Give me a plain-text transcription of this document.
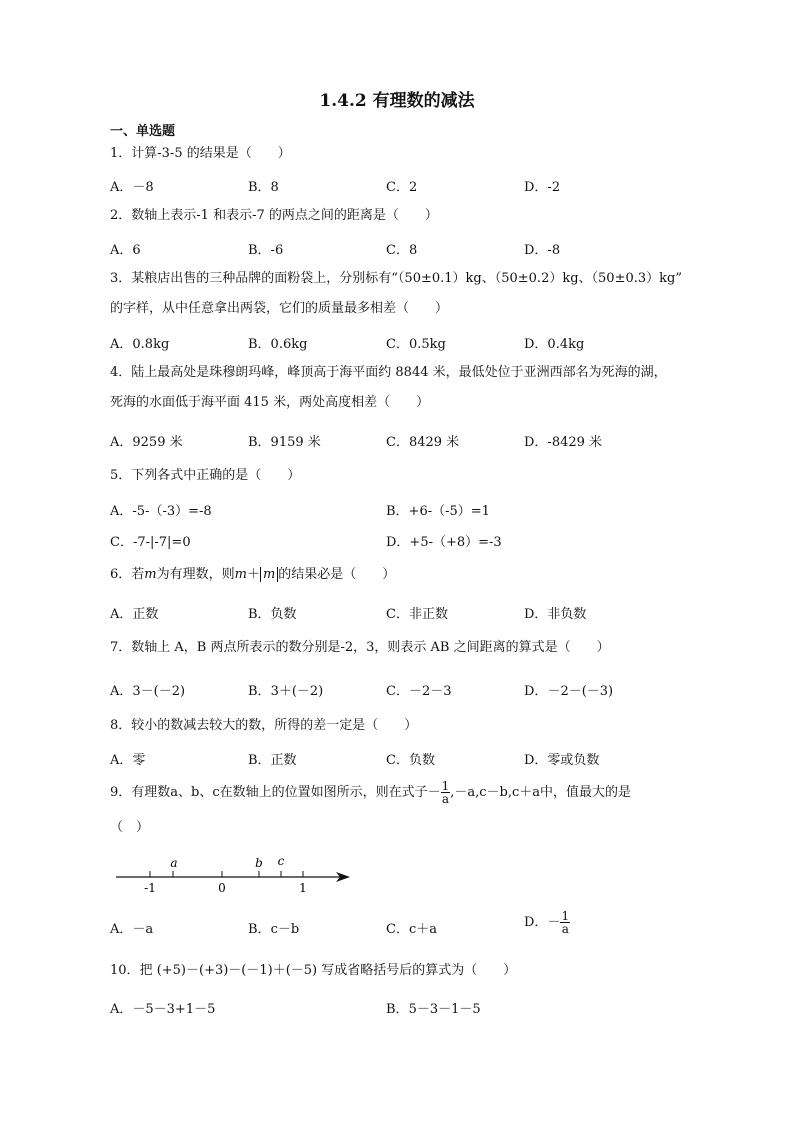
1.4.2 有理数的减法
一、单选题
1．计算-3-5 的结果是（　　）
A．－8	B．8	C．2	D．-2
2．数轴上表示-1 和表示-7 的两点之间的距离是（　　）
A．6	B．-6	C．8	D．-8
3．某粮店出售的三种品牌的面粉袋上，分别标有“（50±0.1）kg、（50±0.2）kg、（50±0.3）kg”
的字样，从中任意拿出两袋，它们的质量最多相差（　　）
A．0.8kg	B．0.6kg	C．0.5kg	D．0.4kg
4．陆上最高处是珠穆朗玛峰，峰顶高于海平面约 8844 米，最低处位于亚洲西部名为死海的湖，
死海的水面低于海平面 415 米，两处高度相差（　　）
A．9259 米	B．9159 米	C．8429 米	D．-8429 米
5．下列各式中正确的是（　　）
A．-5-（-3）=-8	B．+6-（-5）=1
C．-7-|-7|=0	D．+5-（+8）=-3
6．若m为有理数，则m＋ m 的结果必是（　　）
A．正数	B．负数	C．非正数	D．非负数
7．数轴上 A，B 两点所表示的数分别是-2，3，则表示 AB 之间距离的算式是（　　）
A．3－(－2)	B．3＋(－2)	C．－2－3	D．－2－(－3)
8．较小的数减去较大的数，所得的差一定是（　　）
A．零	B．正数	C．负数	D．零或负数
9．有理数a、b、c在数轴上的位置如图所示，则在式子－ $\frac{1}{a} ,-a,c-b,c+a$中，值最大的是
（　）
-1	0	1
a	b c
A．－a	B．c－b	C．c＋a	D．－ $\frac{1}{a}$
10．把 (+5)－(+3)－(－1)＋(－5) 写成省略括号后的算式为（　　）
A．－5－3+1－5	B．5－3－1－5
